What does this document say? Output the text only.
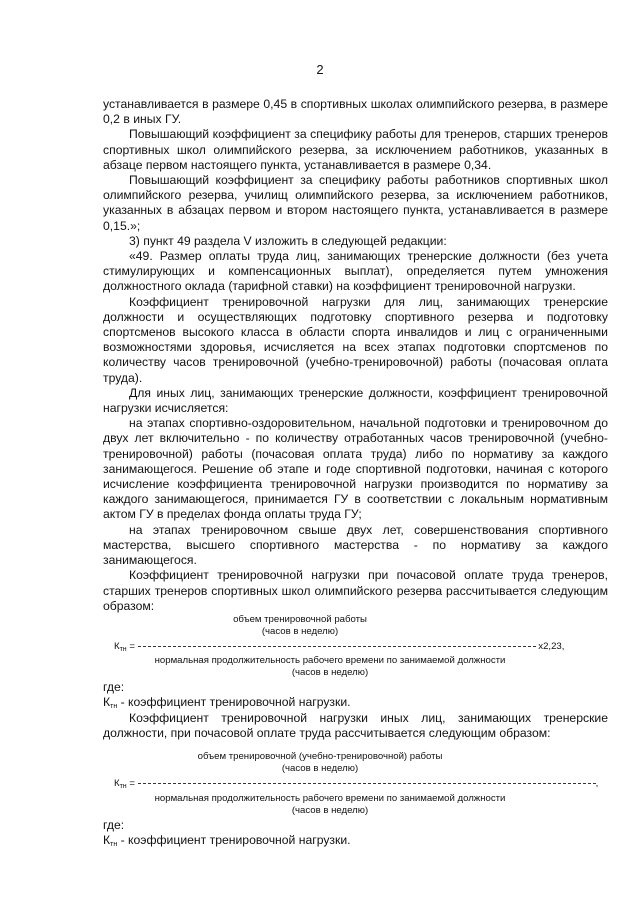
2

устанавливается в размере 0,45 в спортивных школах олимпийского резерва, в размере 0,2 в иных ГУ.

Повышающий коэффициент за специфику работы для тренеров, старших тренеров спортивных школ олимпийского резерва, за исключением работников, указанных в абзаце первом настоящего пункта, устанавливается в размере 0,34.

Повышающий коэффициент за специфику работы работников спортивных школ олимпийского резерва, училищ олимпийского резерва, за исключением работников, указанных в абзацах первом и втором настоящего пункта, устанавливается в размере 0,15.»;

3) пункт 49 раздела V изложить в следующей редакции:

«49. Размер оплаты труда лиц, занимающих тренерские должности (без учета стимулирующих и компенсационных выплат), определяется путем умножения должностного оклада (тарифной ставки) на коэффициент тренировочной нагрузки.

Коэффициент тренировочной нагрузки для лиц, занимающих тренерские должности и осуществляющих подготовку спортивного резерва и подготовку спортсменов высокого класса в области спорта инвалидов и лиц с ограниченными возможностями здоровья, исчисляется на всех этапах подготовки спортсменов по количеству часов тренировочной (учебно-тренировочной) работы (почасовая оплата труда).

Для иных лиц, занимающих тренерские должности, коэффициент тренировочной нагрузки исчисляется:

на этапах спортивно-оздоровительном, начальной подготовки и тренировочном до двух лет включительно - по количеству отработанных часов тренировочной (учебно-тренировочной) работы (почасовая оплата труда) либо по нормативу за каждого занимающегося. Решение об этапе и годе спортивной подготовки, начиная с которого исчисление коэффициента тренировочной нагрузки производится по нормативу за каждого занимающегося, принимается ГУ в соответствии с локальным нормативным актом ГУ в пределах фонда оплаты труда ГУ;

на этапах тренировочном свыше двух лет, совершенствования спортивного мастерства, высшего спортивного мастерства - по нормативу за каждого занимающегося.

Коэффициент тренировочной нагрузки при почасовой оплате труда тренеров, старших тренеров спортивных школ олимпийского резерва рассчитывается следующим образом:

объем тренировочной работы
(часов в неделю)
$К_{тн}$ =	x2,23,
нормальная продолжительность рабочего времени по занимаемой должности
(часов в неделю)
где:
Ктн - коэффициент тренировочной нагрузки.

Коэффициент тренировочной нагрузки иных лиц, занимающих тренерские должности, при почасовой оплате труда рассчитывается следующим образом:

объем тренировочной (учебно-тренировочной) работы
(часов в неделю)
$К_{тн}$ =	,
нормальная продолжительность рабочего времени по занимаемой должности
(часов в неделю)
где:
Ктн - коэффициент тренировочной нагрузки.
